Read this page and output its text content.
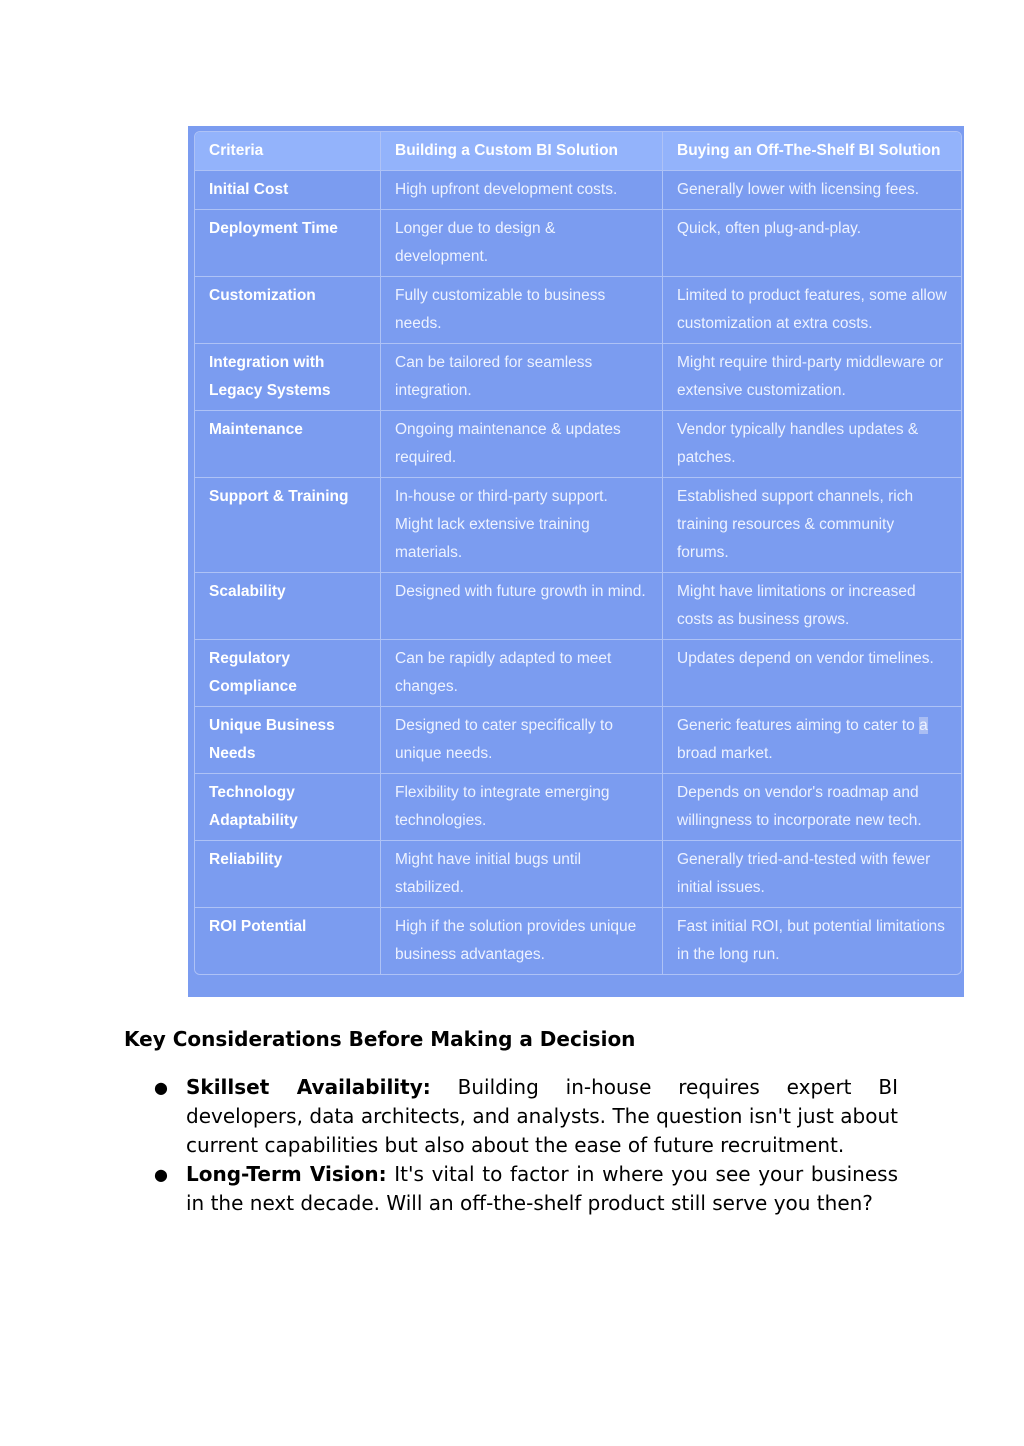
Criteria	Building a Custom BI Solution	Buying an Off-The-Shelf BI Solution
Initial Cost	High upfront development costs.	Generally lower with licensing fees.
Deployment Time	Longer due to design & development.	Quick, often plug-and-play.
Customization	Fully customizable to business needs.	Limited to product features, some allow customization at extra costs.
Integration with Legacy Systems	Can be tailored for seamless integration.	Might require third-party middleware or extensive customization.
Maintenance	Ongoing maintenance & updates required.	Vendor typically handles updates & patches.
Support & Training	In-house or third-party support. Might lack extensive training materials.	Established support channels, rich training resources & community forums.
Scalability	Designed with future growth in mind.	Might have limitations or increased costs as business grows.
Regulatory Compliance	Can be rapidly adapted to meet changes.	Updates depend on vendor timelines.
Unique Business Needs	Designed to cater specifically to unique needs.	Generic features aiming to cater to a broad market.
Technology Adaptability	Flexibility to integrate emerging technologies.	Depends on vendor's roadmap and willingness to incorporate new tech.
Reliability	Might have initial bugs until stabilized.	Generally tried-and-tested with fewer initial issues.
ROI Potential	High if the solution provides unique business advantages.	Fast initial ROI, but potential limitations in the long run.
Key Considerations Before Making a Decision
● Skillset Availability: Building in-house requires expert BI developers, data architects, and analysts. The question isn't just about current capabilities but also about the ease of future recruitment.
● Long-Term Vision: It's vital to factor in where you see your business in the next decade. Will an off-the-shelf product still serve you then?
